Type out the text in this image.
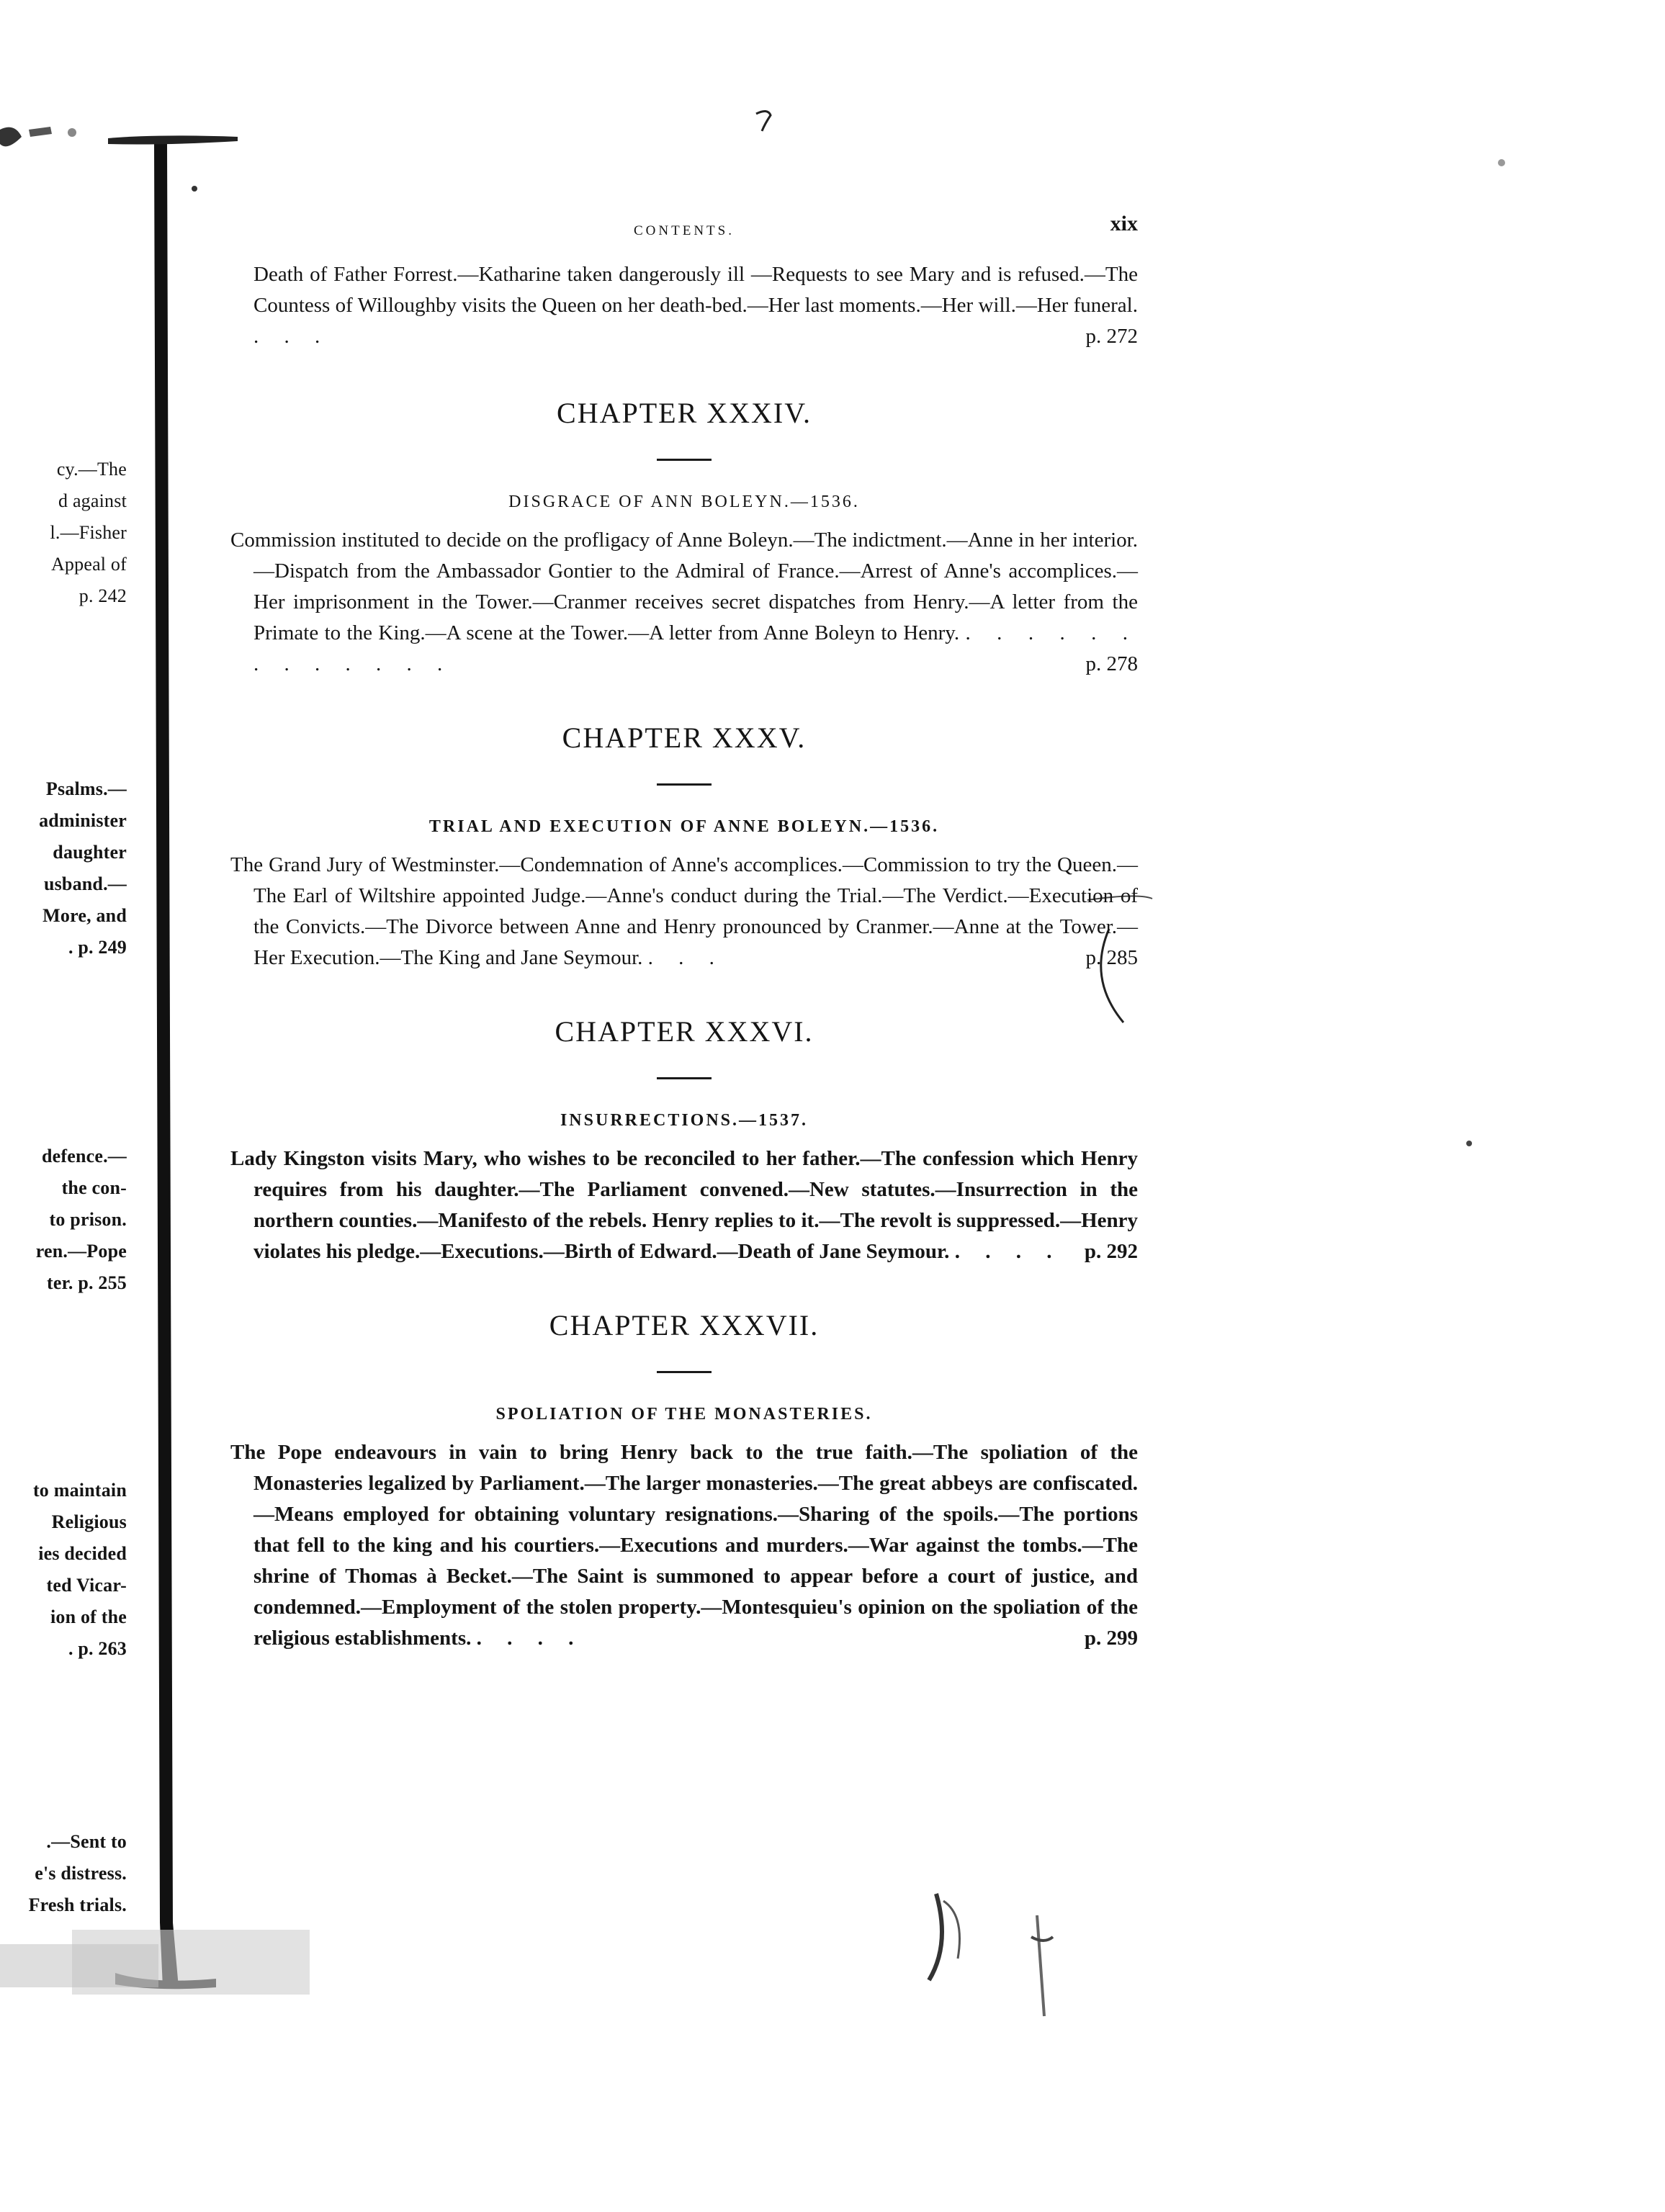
cy.—The
d against
l.—Fisher
Appeal of
p. 242
Psalms.—
administer
daughter
usband.—
More, and
. p. 249
defence.—
the con-
to prison.
ren.—Pope
ter. p. 255
to maintain
Religious
ies decided
ted Vicar-
ion of the
. p. 263
.—Sent to
e's distress.
Fresh trials.
CONTENTS.	xix

Death of Father Forrest.—Katharine taken dangerously ill —Requests to see Mary and is refused.—The Countess of Willoughby visits the Queen on her death-bed.—Her last moments.—Her will.—Her funeral. . . .	p. 272

CHAPTER XXXIV.
DISGRACE OF ANN BOLEYN.—1536.

Commission instituted to decide on the profligacy of Anne Boleyn.—The indictment.—Anne in her interior.—Dispatch from the Ambassador Gontier to the Admiral of France.—Arrest of Anne's accomplices.—Her imprisonment in the Tower.—Cranmer receives secret dispatches from Henry.—A letter from the Primate to the King.—A scene at the Tower.—A letter from Anne Boleyn to Henry. . . . . . . . . . . . . .	p. 278

CHAPTER XXXV.
TRIAL AND EXECUTION OF ANNE BOLEYN.—1536.

The Grand Jury of Westminster.—Condemnation of Anne's accomplices.—Commission to try the Queen.—The Earl of Wiltshire appointed Judge.—Anne's conduct during the Trial.—The Verdict.—Execution of the Convicts.—The Divorce between Anne and Henry pronounced by Cranmer.—Anne at the Tower.—Her Execution.—The King and Jane Seymour. . . .	p. 285

CHAPTER XXXVI.
INSURRECTIONS.—1537.

Lady Kingston visits Mary, who wishes to be reconciled to her father.—The confession which Henry requires from his daughter.—The Parliament convened.—New statutes.—Insurrection in the northern counties.—Manifesto of the rebels. Henry replies to it.—The revolt is suppressed.—Henry violates his pledge.—Executions.—Birth of Edward.—Death of Jane Seymour. . . . . p. 292

CHAPTER XXXVII.
SPOLIATION OF THE MONASTERIES.

The Pope endeavours in vain to bring Henry back to the true faith.—The spoliation of the Monasteries legalized by Parliament.—The larger monasteries.—The great abbeys are confiscated.—Means employed for obtaining voluntary resignations.—Sharing of the spoils.—The portions that fell to the king and his courtiers.—Executions and murders.—War against the tombs.—The shrine of Thomas à Becket.—The Saint is summoned to appear before a court of justice, and condemned.—Employment of the stolen property.—Montesquieu's opinion on the spoliation of the religious establishments. . . . .	p. 299
